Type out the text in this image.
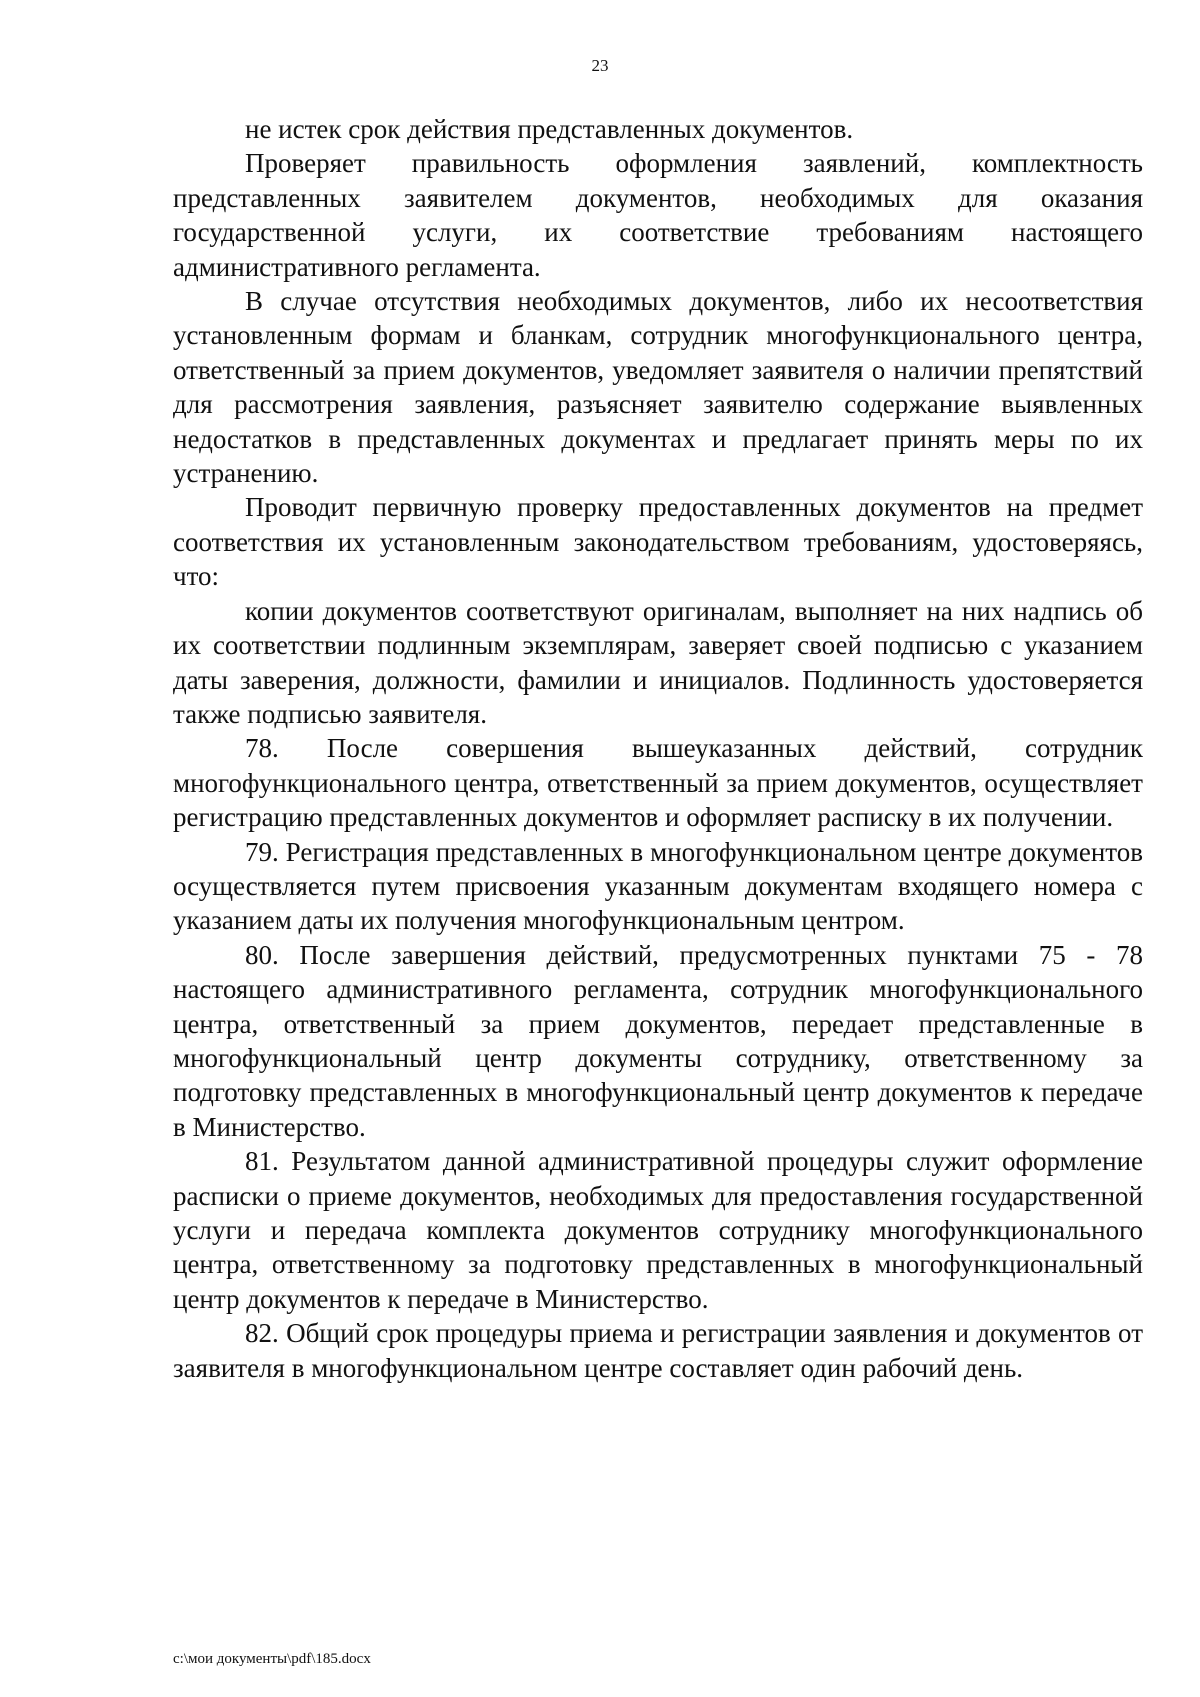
23

не истек срок действия представленных документов.

Проверяет правильность оформления заявлений, комплектность представленных заявителем документов, необходимых для оказания государственной услуги, их соответствие требованиям настоящего административного регламента.

В случае отсутствия необходимых документов, либо их несоответствия установленным формам и бланкам, сотрудник многофункционального центра, ответственный за прием документов, уведомляет заявителя о наличии препятствий для рассмотрения заявления, разъясняет заявителю содержание выявленных недостатков в представленных документах и предлагает принять меры по их устранению.

Проводит первичную проверку предоставленных документов на предмет соответствия их установленным законодательством требованиям, удостоверяясь, что:

копии документов соответствуют оригиналам, выполняет на них надпись об их соответствии подлинным экземплярам, заверяет своей подписью с указанием даты заверения, должности, фамилии и инициалов. Подлинность удостоверяется также подписью заявителя.

78. После совершения вышеуказанных действий, сотрудник многофункционального центра, ответственный за прием документов, осуществляет регистрацию представленных документов и оформляет расписку в их получении.

79. Регистрация представленных в многофункциональном центре документов осуществляется путем присвоения указанным документам входящего номера с указанием даты их получения многофункциональным центром.

80. После завершения действий, предусмотренных пунктами 75 - 78 настоящего административного регламента, сотрудник многофункционального центра, ответственный за прием документов, передает представленные в многофункциональный центр документы сотруднику, ответственному за подготовку представленных в многофункциональный центр документов к передаче в Министерство.

81. Результатом данной административной процедуры служит оформление расписки о приеме документов, необходимых для предоставления государственной услуги и передача комплекта документов сотруднику многофункционального центра, ответственному за подготовку представленных в многофункциональный центр документов к передаче в Министерство.

82. Общий срок процедуры приема и регистрации заявления и документов от заявителя в многофункциональном центре составляет один рабочий день.

c:\мои документы\pdf\185.docx
